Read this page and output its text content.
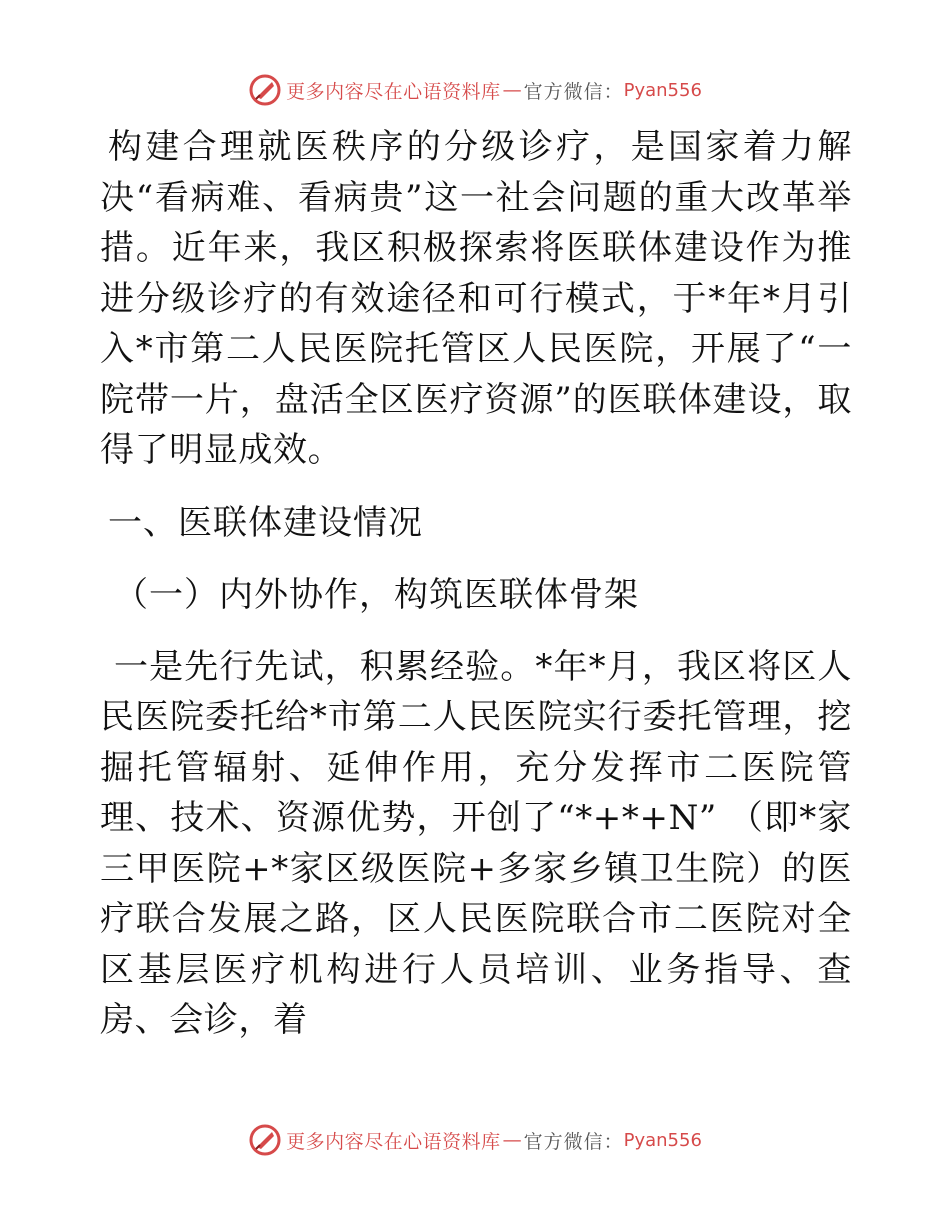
更多内容尽在心语资料库 — 官方微信： Pyan556

构建合理就医秩序的分级诊疗，是国家着力解决“看病难、看病贵”这一社会问题的重大改革举措。近年来，我区积极探索将医联体建设作为推进分级诊疗的有效途径和可行模式，于*年*月引入*市第二人民医院托管区人民医院，开展了“一院带一片，盘活全区医疗资源”的医联体建设，取得了明显成效。

一、医联体建设情况

（一）内外协作，构筑医联体骨架

一是先行先试，积累经验。*年*月，我区将区人民医院委托给*市第二人民医院实行委托管理，挖掘托管辐射、延伸作用，充分发挥市二医院管理、技术、资源优势，开创了“*+*+N” （即*家三甲医院+*家区级医院+多家乡镇卫生院）的医疗联合发展之路，区人民医院联合市二医院对全区基层医疗机构进行人员培训、业务指导、查房、会诊，着

更多内容尽在心语资料库 — 官方微信： Pyan556
